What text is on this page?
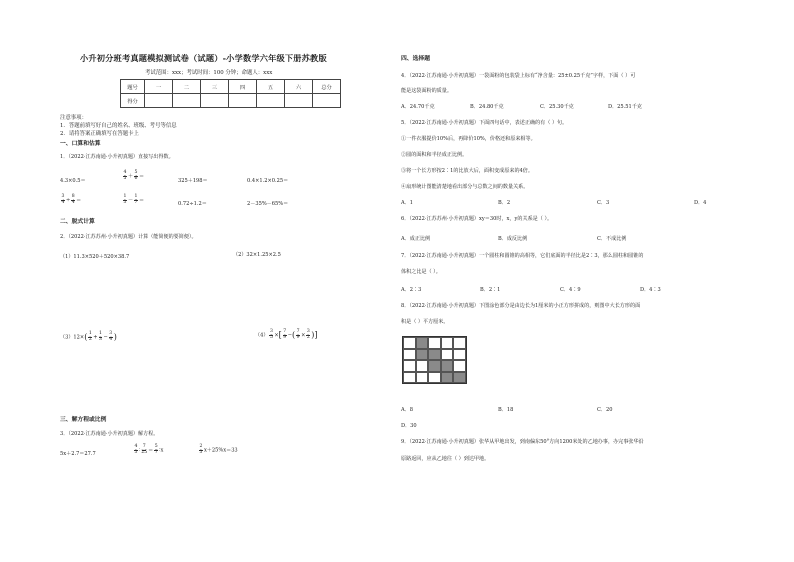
小升初分班考真题模拟测试卷（试题）-小学数学六年级下册苏教版
考试范围：xxx；考试时间：100 分钟；命题人：xxx
题号	一	二	三	四	五	六	总分
得分							
注意事项：
1．答题前填写好自己的姓名、班级、考号等信息
2．请将答案正确填写在答题卡上
一、口算和估算
1．（2022·江苏南通·小升初真题）直接写出得数。
4.3×0.5＝	$\frac{4}{5} + \frac{5}{6}$ ＝
325＋198＝	0.4×1.2×0.25＝
$\frac{3}{4} \div \frac{8}{4}$ ＝	$\frac{1}{3} - \frac{1}{7}$ ＝
0.72÷1.2＝	2－35%－65%＝
二、脱式计算
2．（2022·江苏苏州·小升初真题）计算（能简便的要简便）。
（1）11.3×520＋520×38.7	（2）32×1.25×2.5
$(3)12\times( \frac{1}{2} + \frac{1}{3} - \frac{3}{4}$ )	$(4) \frac{3}{5}$ ×[ $\frac{7}{9}$ −( $\frac{7}{9} \times \frac{3}{2}$ )]
三、解方程或比例
3．（2022·江苏南通·小升初真题）解方程。
5x＋2.7＝27.7	$\frac{4}{3}$ ∶ $\frac{7}{25} = \frac{5}{7}$ ∶x	$\frac{2}{3} x+25\%x=33$
四、选择题
4．（2022·江苏南通·小升初真题）一袋面粉的包装袋上标有“净含量：25±0.25千克”字样，下面（ ）可
能是这袋面粉的质量。
A．24.70千克	B．24.80千克	C．25.30千克	D．25.51千克
5．（2022·江苏南通·小升初真题）下面四句话中，表述正确的有（ ）句。
①一件衣服提价10%后，再降价10%，价格还和原来相等。
②圆的面积和半径成正比例。
③将一个长方形按2∶1的比放大后，面积变成原来的4倍。
④扇形统计图能清楚地看出部分与总数之间的数量关系。
A．1	B．2	C．3	D．4
6．（2022·江苏苏州·小升初真题）xy＝30时，x，y的关系是（ ）。
A．成正比例	B．成反比例	C．不成比例
7．（2022·江苏南通·小升初真题）一个圆柱和圆锥的高相等，它们底面的半径比是2∶3，那么圆柱和圆锥的
体积之比是（ ）。
A．2∶3	B．2∶1	C．4∶9	D．4∶3
8．（2022·江苏南通·小升初真题）下图涂色部分是由边长为1厘米的小正方形拼成的，则图中大长方形的面
积是（ ）平方厘米。
A．8	B．18	C．20
D．30
9．（2022·江苏南通·小升初真题）张华从甲地出发，到南偏东50°方向1200米处的乙地办事，办完事张华沿
原路返回，应从乙地往（ ）到达甲地。
